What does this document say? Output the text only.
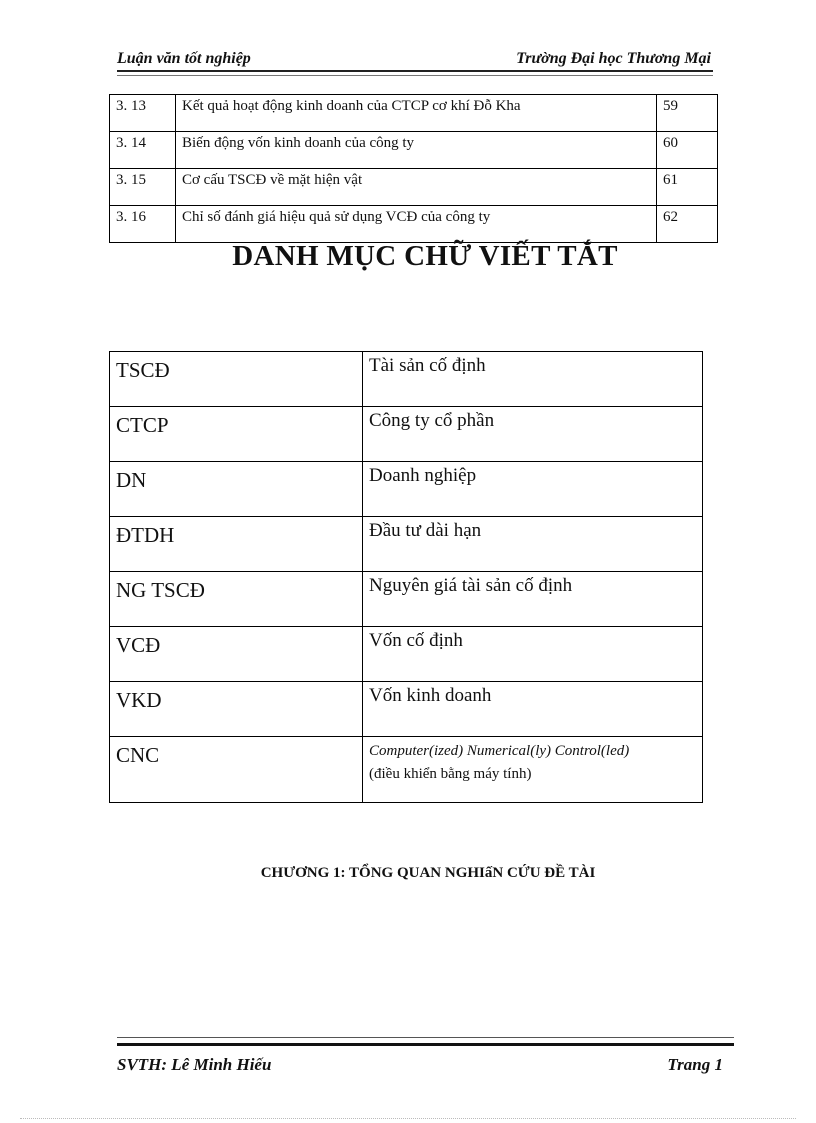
Luận văn tốt nghiệp	Trường Đại học Thương Mại
3. 13	Kết quả hoạt động kinh doanh của CTCP cơ khí Đỗ Kha	59
3. 14	Biến động vốn kinh doanh của công ty	60
3. 15	Cơ cấu TSCĐ về mặt hiện vật	61
3. 16	Chỉ số đánh giá hiệu quả sử dụng VCĐ của công ty	62
DANH MỤC CHỮ VIẾT TẮT
TSCĐ	Tài sản cố định
CTCP	Công ty cổ phần
DN	Doanh nghiệp
ĐTDH	Đầu tư dài hạn
NG TSCĐ	Nguyên giá tài sản cố định
VCĐ	Vốn cố định
VKD	Vốn kinh doanh
CNC	Computer(ized) Numerical(ly) Control(led)
(điều khiển bằng máy tính)
CHƯƠNG 1: TỔNG QUAN NGHIấN CỨU ĐỀ TÀI
SVTH: Lê Minh Hiếu	Trang 1
